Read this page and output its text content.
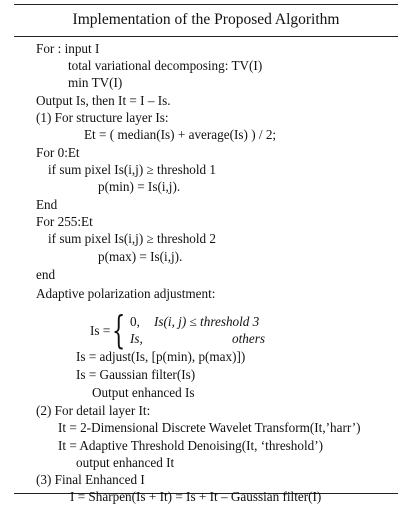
Implementation of the Proposed Algorithm
For : input I
total variational decomposing: TV(I)
min TV(I)
Output Is, then It = I – Is.
(1) For structure layer Is:
Et = ( median(Is) + average(Is) ) / 2;
For 0:Et
if sum pixel Is(i,j) ≥ threshold 1
p(min) = Is(i,j).
End
For 255:Et
if sum pixel Is(i,j) ≥ threshold 2
p(max) = Is(i,j).
end
Adaptive polarization adjustment:
Is = { 0, Is(i, j) ≤ threshold 3
Is,	others
Is = adjust(Is, [p(min), p(max)])
Is = Gaussian filter(Is)
Output enhanced Is
(2) For detail layer It:
It = 2-Dimensional Discrete Wavelet Transform(It,’harr’)
It = Adaptive Threshold Denoising(It, ‘threshold’)
output enhanced It
(3) Final Enhanced I
I = Sharpen(Is + It) = Is + It – Gaussian filter(I)
